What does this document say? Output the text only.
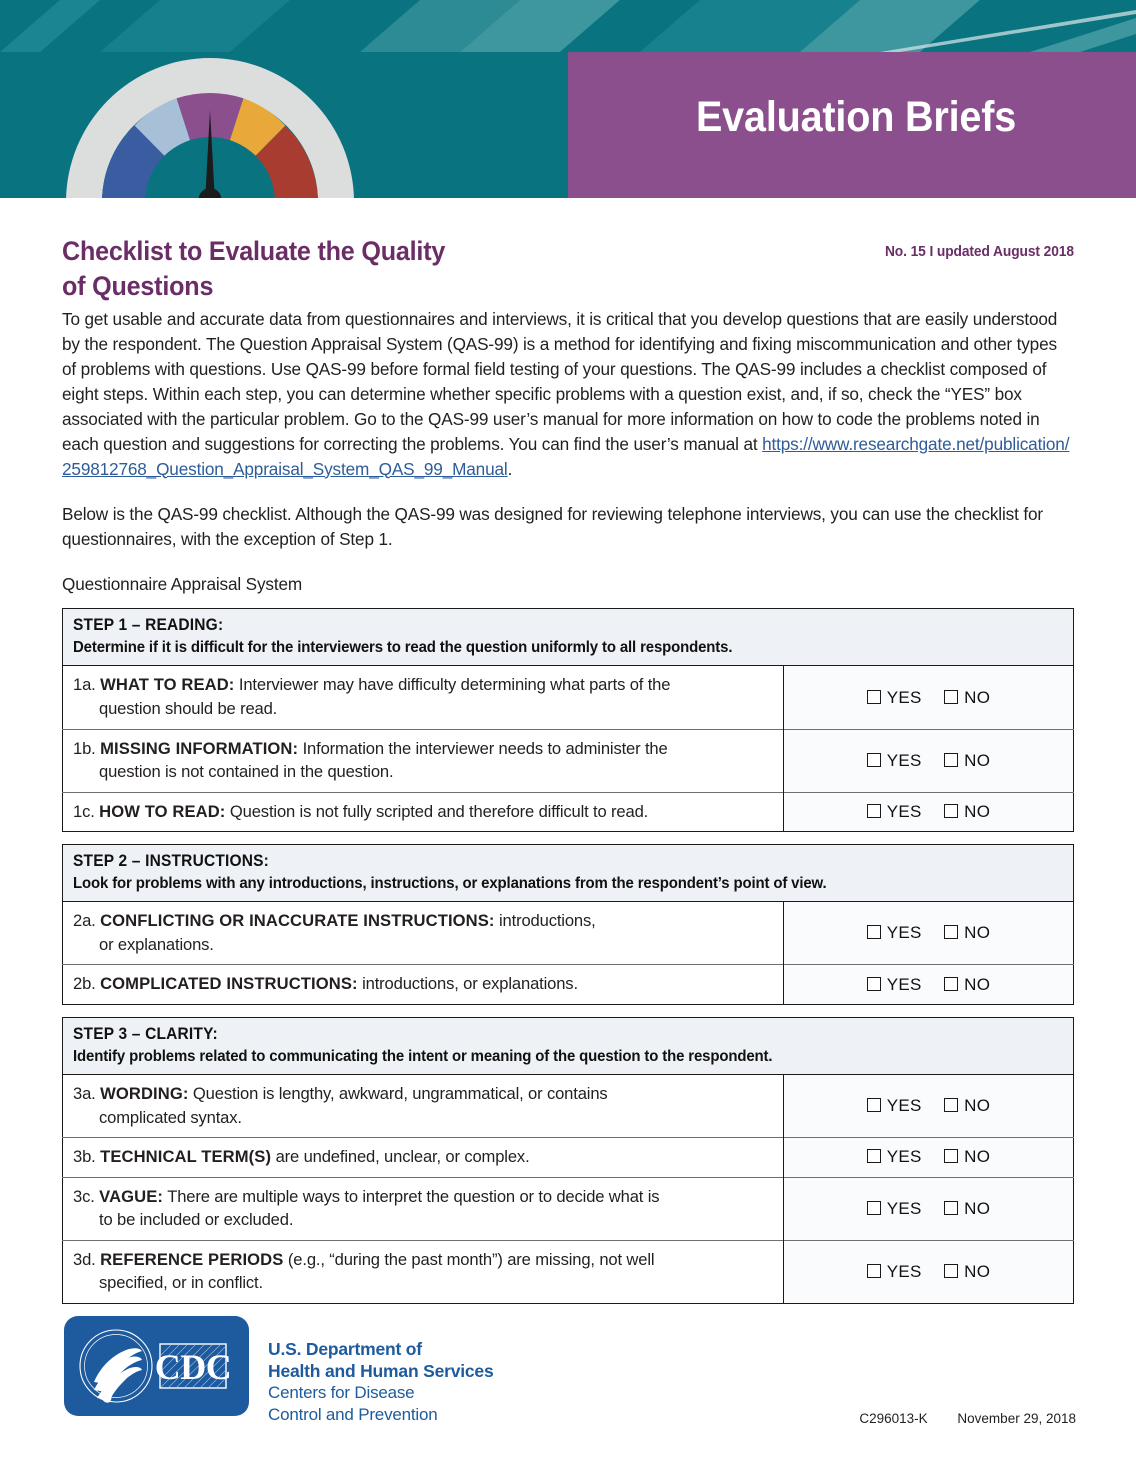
Evaluation Briefs
Checklist to Evaluate the Quality
of Questions
No. 15 I updated August 2018

To get usable and accurate data from questionnaires and interviews, it is critical that you develop questions that are easily understood by the respondent. The Question Appraisal System (QAS-99) is a method for identifying and fixing miscommunication and other types of problems with questions. Use QAS-99 before formal field testing of your questions. The QAS-99 includes a checklist composed of eight steps. Within each step, you can determine whether specific problems with a question exist, and, if so, check the “YES” box associated with the particular problem. Go to the QAS-99 user’s manual for more information on how to code the problems noted in each question and suggestions for correcting the problems. You can find the user’s manual at https://www.researchgate.net/publication/259812768_Question_Appraisal_System_QAS_99_Manual.

Below is the QAS-99 checklist. Although the QAS-99 was designed for reviewing telephone interviews, you can use the checklist for questionnaires, with the exception of Step 1.

Questionnaire Appraisal System
STEP 1 – READING:
Determine if it is difficult for the interviewers to read the question uniformly to all respondents.	

1a. WHAT TO READ: Interviewer may have difficulty determining what parts of the
question should be read.	YES NO
1b. MISSING INFORMATION: Information the interviewer needs to administer the
question is not contained in the question.	YES NO
1c. HOW TO READ: Question is not fully scripted and therefore difficult to read.	YES NO
STEP 2 – INSTRUCTIONS:
Look for problems with any introductions, instructions, or explanations from the respondent’s point of view.	

2a. CONFLICTING OR INACCURATE INSTRUCTIONS: introductions,
or explanations.	YES NO
2b. COMPLICATED INSTRUCTIONS: introductions, or explanations.	YES NO
STEP 3 – CLARITY:
Identify problems related to communicating the intent or meaning of the question to the respondent.	

3a. WORDING: Question is lengthy, awkward, ungrammatical, or contains
complicated syntax.	YES NO
3b. TECHNICAL TERM(S) are undefined, unclear, or complex.	YES NO
3c. VAGUE: There are multiple ways to interpret the question or to decide what is
to be included or excluded.	YES NO
3d. REFERENCE PERIODS (e.g., “during the past month”) are missing, not well
specified, or in conflict.	YES NO
CDC U.S. Department of
Health and Human Services
Centers for Disease
Control and Prevention	C296013-K November 29, 2018
